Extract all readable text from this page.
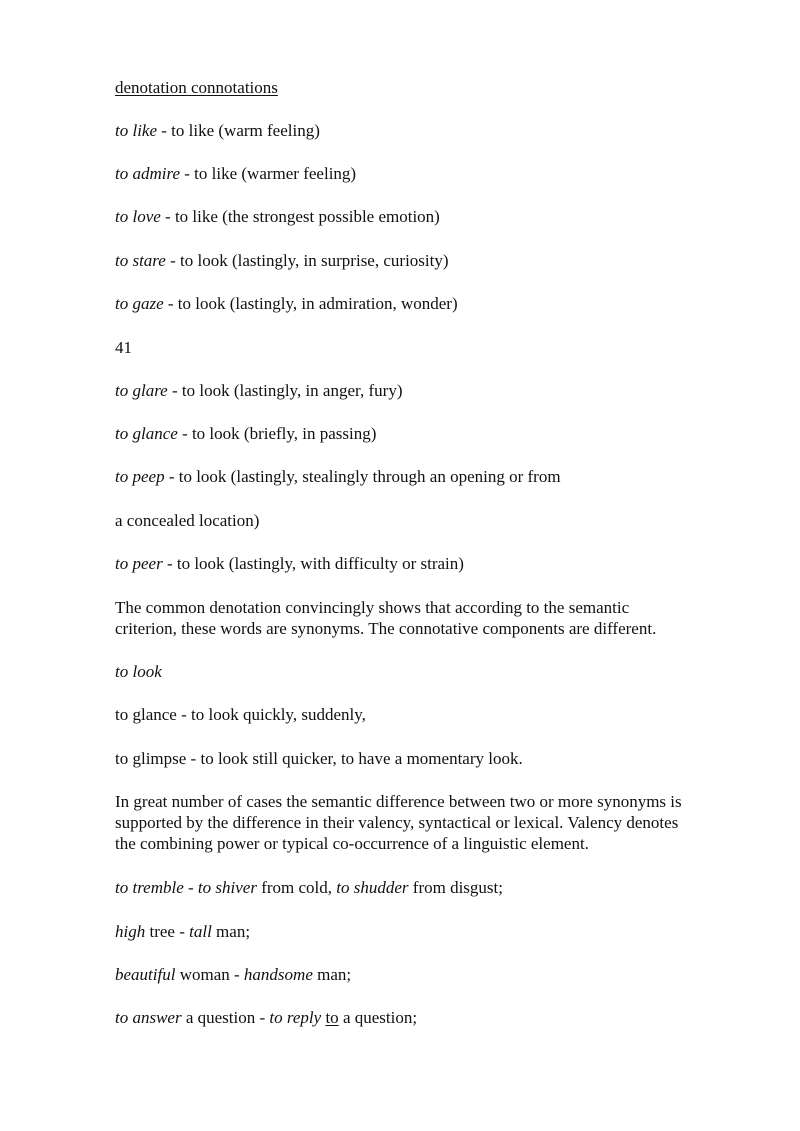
denotation connotations
to like - to like (warm feeling)
to admire - to like (warmer feeling)
to love - to like (the strongest possible emotion)
to stare - to look (lastingly, in surprise, curiosity)
to gaze - to look (lastingly, in admiration, wonder)
41
to glare - to look (lastingly, in anger, fury)
to glance - to look (briefly, in passing)
to peep - to look (lastingly, stealingly through an opening or from
a concealed location)
to peer - to look (lastingly, with difficulty or strain)
The common denotation convincingly shows that according to the semantic
criterion, these words are synonyms. The connotative components are different.
to look
to glance - to look quickly, suddenly,
to glimpse - to look still quicker, to have a momentary look.
In great number of cases the semantic difference between two or more synonyms is
supported by the difference in their valency, syntactical or lexical. Valency denotes
the combining power or typical co-occurrence of a linguistic element.
to tremble - to shiver from cold, to shudder from disgust;
high tree - tall man;
beautiful woman - handsome man;
to answer a question - to reply to a question;
